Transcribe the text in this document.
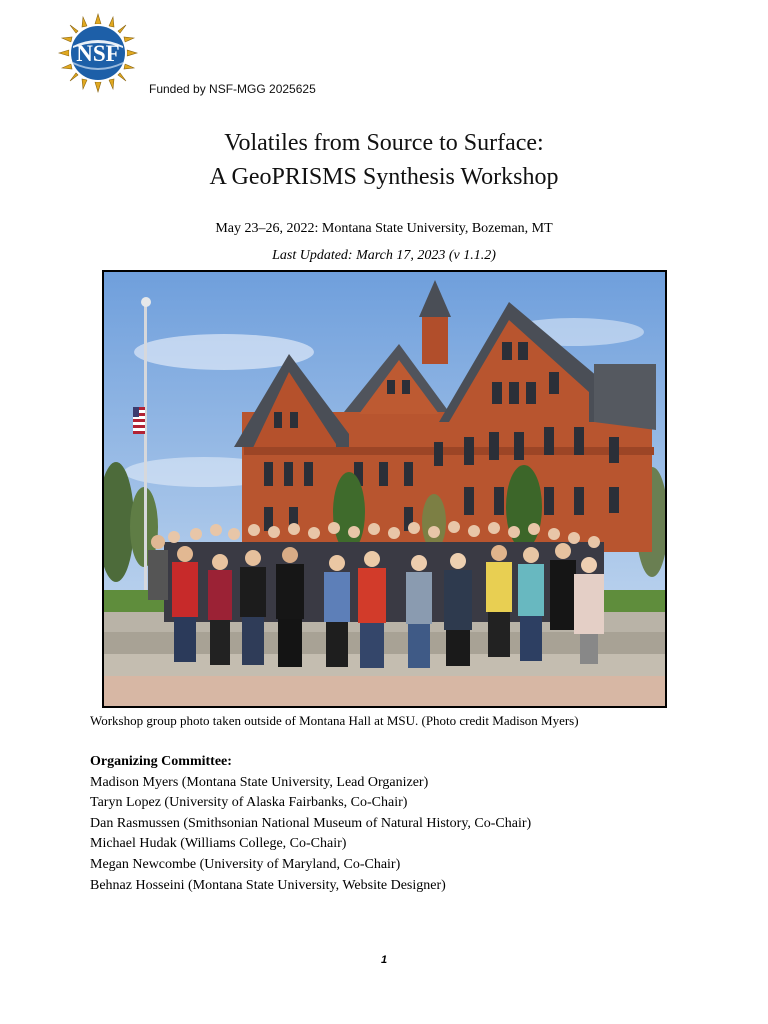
NSF
Funded by NSF-MGG 2025625
Volatiles from Source to Surface:
A GeoPRISMS Synthesis Workshop
May 23–26, 2022: Montana State University, Bozeman, MT
Last Updated: March 17, 2023 (v 1.1.2)
Workshop group photo taken outside of Montana Hall at MSU. (Photo credit Madison Myers)
Organizing Committee:
Madison Myers (Montana State University, Lead Organizer)
Taryn Lopez (University of Alaska Fairbanks, Co-Chair)
Dan Rasmussen (Smithsonian National Museum of Natural History, Co-Chair)
Michael Hudak (Williams College, Co-Chair)
Megan Newcombe (University of Maryland, Co-Chair)
Behnaz Hosseini (Montana State University, Website Designer)
1
